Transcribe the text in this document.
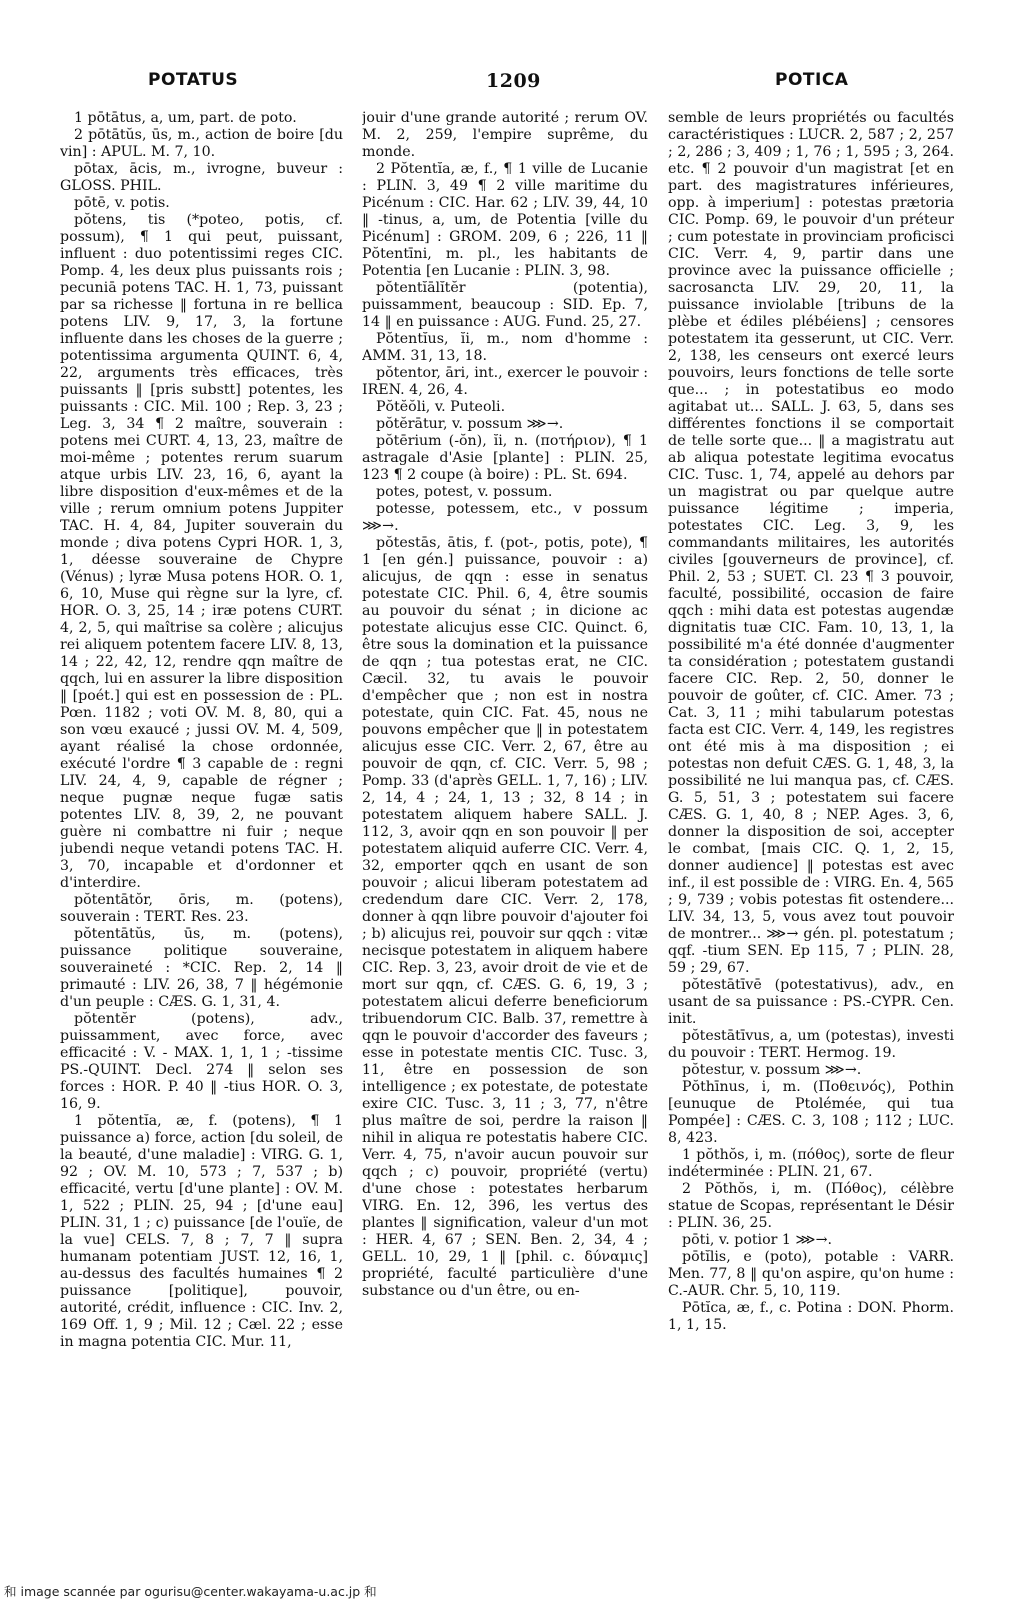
POTATUS	1209	POTICA

1 pōtātus, a, um, part. de poto.

2 pōtātŭs, ūs, m., action de boire [du vin] : APUL. M. 7, 10.

pōtax, ācis, m., ivrogne, buveur : GLOSS. PHIL.

pōtē, v. potis.

pŏtens, tis (*poteo, potis, cf. possum), ¶ 1 qui peut, puissant, influent : duo potentissimi reges CIC. Pomp. 4, les deux plus puissants rois ; pecuniā potens TAC. H. 1, 73, puissant par sa richesse ‖ fortuna in re bellica potens LIV. 9, 17, 3, la fortune influente dans les choses de la guerre ; potentissima argumenta QUINT. 6, 4, 22, arguments très efficaces, très puissants ‖ [pris substt] potentes, les puissants : CIC. Mil. 100 ; Rep. 3, 23 ; Leg. 3, 34 ¶ 2 maître, souverain : potens mei CURT. 4, 13, 23, maître de moi-même ; potentes rerum suarum atque urbis LIV. 23, 16, 6, ayant la libre disposition d'eux-mêmes et de la ville ; rerum omnium potens Juppiter TAC. H. 4, 84, Jupiter souverain du monde ; diva potens Cypri HOR. 1, 3, 1, déesse souveraine de Chypre (Vénus) ; lyræ Musa potens HOR. O. 1, 6, 10, Muse qui règne sur la lyre, cf. HOR. O. 3, 25, 14 ; iræ potens CURT. 4, 2, 5, qui maîtrise sa colère ; alicujus rei aliquem potentem facere LIV. 8, 13, 14 ; 22, 42, 12, rendre qqn maître de qqch, lui en assurer la libre disposition ‖ [poét.] qui est en possession de : PL. Pœn. 1182 ; voti OV. M. 8, 80, qui a son vœu exaucé ; jussi OV. M. 4, 509, ayant réalisé la chose ordonnée, exécuté l'ordre ¶ 3 capable de : regni LIV. 24, 4, 9, capable de régner ; neque pugnæ neque fugæ satis potentes LIV. 8, 39, 2, ne pouvant guère ni combattre ni fuir ; neque jubendi neque vetandi potens TAC. H. 3, 70, incapable et d'ordonner et d'interdire.

pŏtentātŏr, ōris, m. (potens), souverain : TERT. Res. 23.

pŏtentātŭs, ūs, m. (potens), puissance politique souveraine, souveraineté : *CIC. Rep. 2, 14 ‖ primauté : LIV. 26, 38, 7 ‖ hégémonie d'un peuple : CÆS. G. 1, 31, 4.

pŏtentĕr (potens), adv., puissamment, avec force, avec efficacité : V. - MAX. 1, 1, 1 ; -tissime PS.-QUINT. Decl. 274 ‖ selon ses forces : HOR. P. 40 ‖ -tius HOR. O. 3, 16, 9.

1 pŏtentĭa, æ, f. (potens), ¶ 1 puissance a) force, action [du soleil, de la beauté, d'une maladie] : VIRG. G. 1, 92 ; OV. M. 10, 573 ; 7, 537 ; b) efficacité, vertu [d'une plante] : OV. M. 1, 522 ; PLIN. 25, 94 ; [d'une eau] PLIN. 31, 1 ; c) puissance [de l'ouïe, de la vue] CELS. 7, 8 ; 7, 7 ‖ supra humanam potentiam JUST. 12, 16, 1, au-dessus des facultés humaines ¶ 2 puissance [politique], pouvoir, autorité, crédit, influence : CIC. Inv. 2, 169 Off. 1, 9 ; Mil. 12 ; Cæl. 22 ; esse in magna potentia CIC. Mur. 11,

jouir d'une grande autorité ; rerum OV. M. 2, 259, l'empire suprême, du monde.

2 Pŏtentĭa, æ, f., ¶ 1 ville de Lucanie : PLIN. 3, 49 ¶ 2 ville maritime du Picénum : CIC. Har. 62 ; LIV. 39, 44, 10 ‖ -tinus, a, um, de Potentia [ville du Picénum] : GROM. 209, 6 ; 226, 11 ‖ Pŏtentīni, m. pl., les habitants de Potentia [en Lucanie : PLIN. 3, 98.

pŏtentĭālĭtĕr (potentia), puissamment, beaucoup : SID. Ep. 7, 14 ‖ en puissance : AUG. Fund. 25, 27.

Pŏtentĭus, ĭi, m., nom d'homme : AMM. 31, 13, 18.

pŏtentor, āri, int., exercer le pouvoir : IREN. 4, 26, 4.

Pŏtĕŏli, v. Puteoli.

pŏtĕrātur, v. possum ⋙→.

pŏtērium (-ŏn), ĭi, n. (ποτήριον), ¶ 1 astragale d'Asie [plante] : PLIN. 25, 123 ¶ 2 coupe (à boire) : PL. St. 694.

potes, potest, v. possum.

potesse, potessem, etc., v possum ⋙→.

pŏtestās, ātis, f. (pot-, potis, pote), ¶ 1 [en gén.] puissance, pouvoir : a) alicujus, de qqn : esse in senatus potestate CIC. Phil. 6, 4, être soumis au pouvoir du sénat ; in dicione ac potestate alicujus esse CIC. Quinct. 6, être sous la domination et la puissance de qqn ; tua potestas erat, ne CIC. Cæcil. 32, tu avais le pouvoir d'empêcher que ; non est in nostra potestate, quin CIC. Fat. 45, nous ne pouvons empêcher que ‖ in potestatem alicujus esse CIC. Verr. 2, 67, être au pouvoir de qqn, cf. CIC. Verr. 5, 98 ; Pomp. 33 (d'après GELL. 1, 7, 16) ; LIV. 2, 14, 4 ; 24, 1, 13 ; 32, 8 14 ; in potestatem aliquem habere SALL. J. 112, 3, avoir qqn en son pouvoir ‖ per potestatem aliquid auferre CIC. Verr. 4, 32, emporter qqch en usant de son pouvoir ; alicui liberam potestatem ad credendum dare CIC. Verr. 2, 178, donner à qqn libre pouvoir d'ajouter foi ; b) alicujus rei, pouvoir sur qqch : vitæ necisque potestatem in aliquem habere CIC. Rep. 3, 23, avoir droit de vie et de mort sur qqn, cf. CÆS. G. 6, 19, 3 ; potestatem alicui deferre beneficiorum tribuendorum CIC. Balb. 37, remettre à qqn le pouvoir d'accorder des faveurs ; esse in potestate mentis CIC. Tusc. 3, 11, être en possession de son intelligence ; ex potestate, de potestate exire CIC. Tusc. 3, 11 ; 3, 77, n'être plus maître de soi, perdre la raison ‖ nihil in aliqua re potestatis habere CIC. Verr. 4, 75, n'avoir aucun pouvoir sur qqch ; c) pouvoir, propriété (vertu) d'une chose : potestates herbarum VIRG. En. 12, 396, les vertus des plantes ‖ signification, valeur d'un mot : HER. 4, 67 ; SEN. Ben. 2, 34, 4 ; GELL. 10, 29, 1 ‖ [phil. c. δύναμις] propriété, faculté particulière d'une substance ou d'un être, ou en-

semble de leurs propriétés ou facultés caractéristiques : LUCR. 2, 587 ; 2, 257 ; 2, 286 ; 3, 409 ; 1, 76 ; 1, 595 ; 3, 264. etc. ¶ 2 pouvoir d'un magistrat [et en part. des magistratures inférieures, opp. à imperium] : potestas prætoria CIC. Pomp. 69, le pouvoir d'un préteur ; cum potestate in provinciam proficisci CIC. Verr. 4, 9, partir dans une province avec la puissance officielle ; sacrosancta LIV. 29, 20, 11, la puissance inviolable [tribuns de la plèbe et édiles plébéiens] ; censores potestatem ita gesserunt, ut CIC. Verr. 2, 138, les censeurs ont exercé leurs pouvoirs, leurs fonctions de telle sorte que... ; in potestatibus eo modo agitabat ut... SALL. J. 63, 5, dans ses différentes fonctions il se comportait de telle sorte que... ‖ a magistratu aut ab aliqua potestate legitima evocatus CIC. Tusc. 1, 74, appelé au dehors par un magistrat ou par quelque autre puissance légitime ; imperia, potestates CIC. Leg. 3, 9, les commandants militaires, les autorités civiles [gouverneurs de province], cf. Phil. 2, 53 ; SUET. Cl. 23 ¶ 3 pouvoir, faculté, possibilité, occasion de faire qqch : mihi data est potestas augendæ dignitatis tuæ CIC. Fam. 10, 13, 1, la possibilité m'a été donnée d'augmenter ta considération ; potestatem gustandi facere CIC. Rep. 2, 50, donner le pouvoir de goûter, cf. CIC. Amer. 73 ; Cat. 3, 11 ; mihi tabularum potestas facta est CIC. Verr. 4, 149, les registres ont été mis à ma disposition ; ei potestas non defuit CÆS. G. 1, 48, 3, la possibilité ne lui manqua pas, cf. CÆS. G. 5, 51, 3 ; potestatem sui facere CÆS. G. 1, 40, 8 ; NEP. Ages. 3, 6, donner la disposition de soi, accepter le combat, [mais CIC. Q. 1, 2, 15, donner audience] ‖ potestas est avec inf., il est possible de : VIRG. En. 4, 565 ; 9, 739 ; vobis potestas fit ostendere... LIV. 34, 13, 5, vous avez tout pouvoir de montrer... ⋙→ gén. pl. potestatum ; qqf. -tium SEN. Ep 115, 7 ; PLIN. 28, 59 ; 29, 67.

pŏtestātīvē (potestativus), adv., en usant de sa puissance : PS.-CYPR. Cen. init.

pŏtestātīvus, a, um (potestas), investi du pouvoir : TERT. Hermog. 19.

pŏtestur, v. possum ⋙→.

Pŏthīnus, i, m. (Ποθεινός), Pothin [eunuque de Ptolémée, qui tua Pompée] : CÆS. C. 3, 108 ; 112 ; LUC. 8, 423.

1 pŏthŏs, i, m. (πόθος), sorte de fleur indéterminée : PLIN. 21, 67.

2 Pŏthŏs, i, m. (Πόθος), célèbre statue de Scopas, représentant le Désir : PLIN. 36, 25.

pōti, v. potior 1 ⋙→.

pōtĭlis, e (poto), potable : VARR. Men. 77, 8 ‖ qu'on aspire, qu'on hume : C.-AUR. Chr. 5, 10, 119.

Pōtĭca, æ, f., c. Potina : DON. Phorm. 1, 1, 15.

和 image scannée par ogurisu@center.wakayama-u.ac.jp 和
